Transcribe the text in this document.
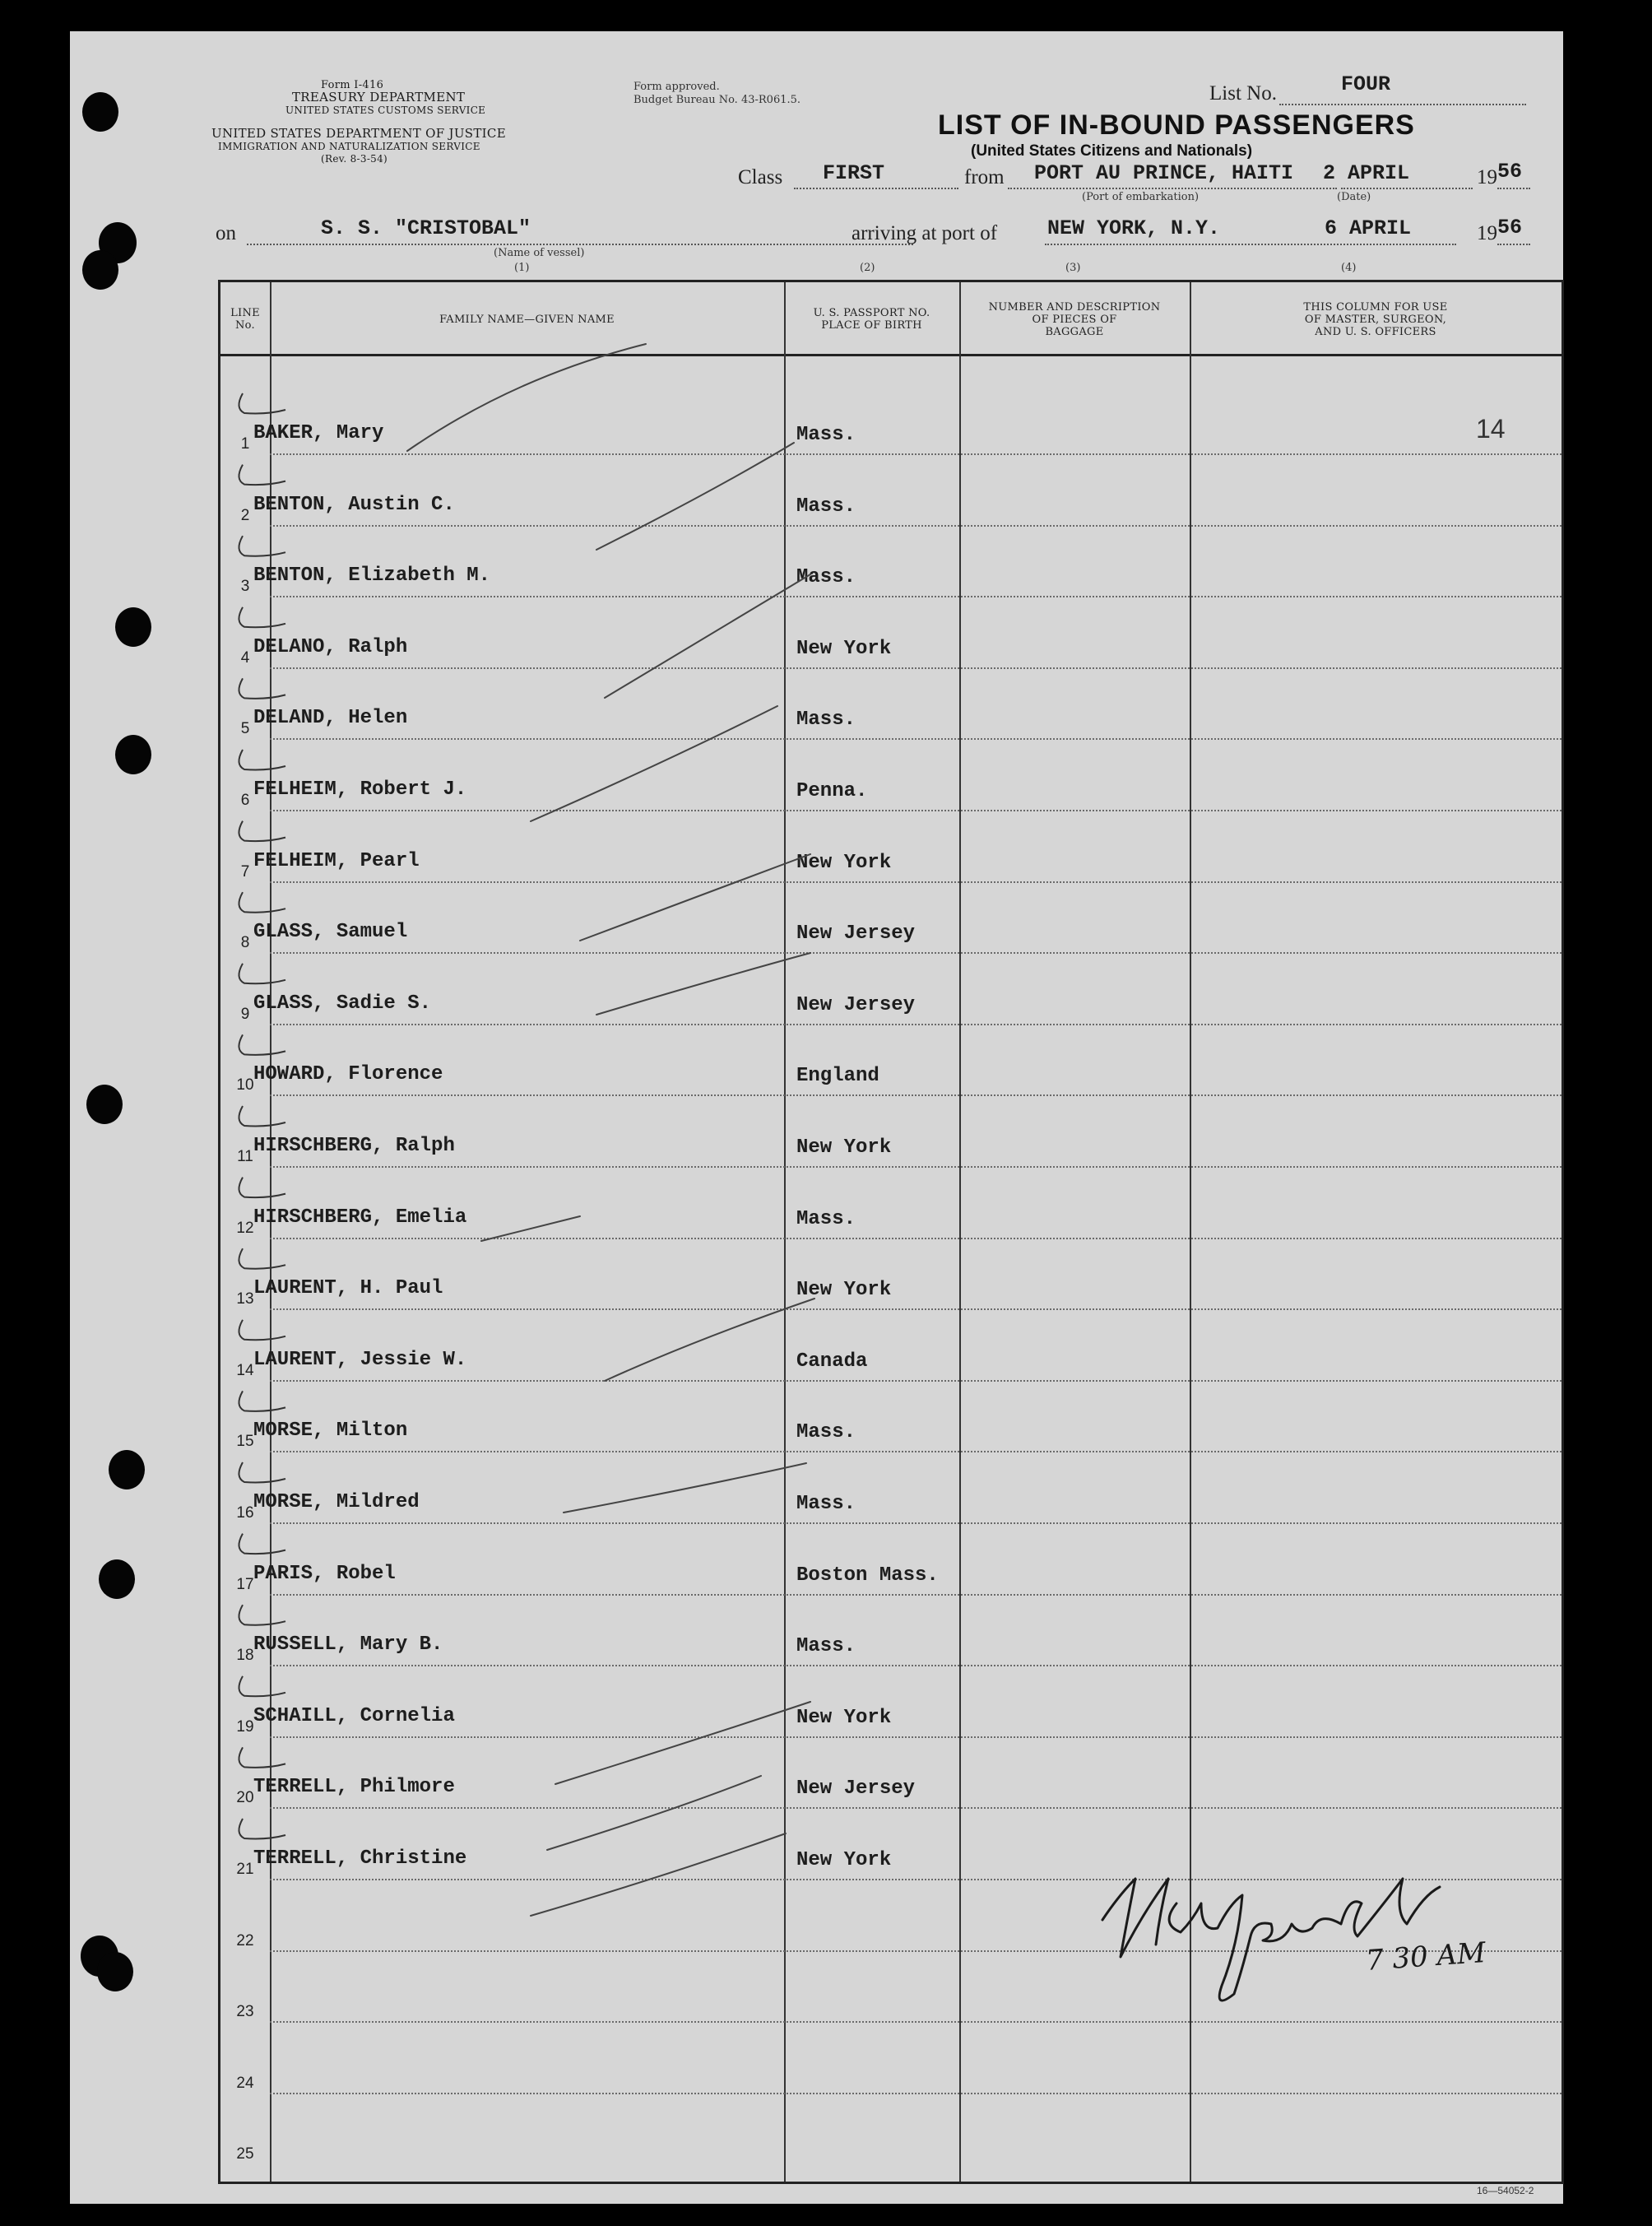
Form I-416
TREASURY DEPARTMENT
UNITED STATES CUSTOMS SERVICE
UNITED STATES DEPARTMENT OF JUSTICE
IMMIGRATION AND NATURALIZATION SERVICE
(Rev. 8-3-54)
Form approved.
Budget Bureau No. 43-R061.5.	List No.	FOUR
LIST OF IN-BOUND PASSENGERS
(United States Citizens and Nationals)
Class FIRST	from PORT AU PRINCE, HAITI
(Port of embarkation)
2 APRIL
(Date)
19 56
on	S. S. "CRISTOBAL"
(Name of vessel)
(1)
arriving at port of NEW YORK, N.Y.
(2)	(3)
6 APRIL
(4)
19 56
LINE
No.	FAMILY NAME—GIVEN NAME
U. S. PASSPORT NO.
PLACE OF BIRTH
NUMBER AND DESCRIPTION
OF PIECES OF
BAGGAGE
THIS COLUMN FOR USE
OF MASTER, SURGEON,
AND U. S. OFFICERS
14
1 BAKER, Mary	Mass.
2 BENTON, Austin C.	Mass.
3 BENTON, Elizabeth M.	Mass.
4 DELANO, Ralph	New York
5 DELAND, Helen	Mass.
6 FELHEIM, Robert J.	Penna.
7 FELHEIM, Pearl	New York
8 GLASS, Samuel	New Jersey
9 GLASS, Sadie S.	New Jersey
10 HOWARD, Florence	England
11 HIRSCHBERG, Ralph	New York
12 HIRSCHBERG, Emelia	Mass.
13 LAURENT, H. Paul	New York
14 LAURENT, Jessie W.	Canada
15 MORSE, Milton	Mass.
16 MORSE, Mildred	Mass.
17 PARIS, Robel	Boston Mass.
18 RUSSELL, Mary B.	Mass.
19 SCHAILL, Cornelia	New York
20 TERRELL, Philmore	New Jersey
21 TERRELL, Christine	New York
22
23
24
25
7 30 AM
16—54052-2
